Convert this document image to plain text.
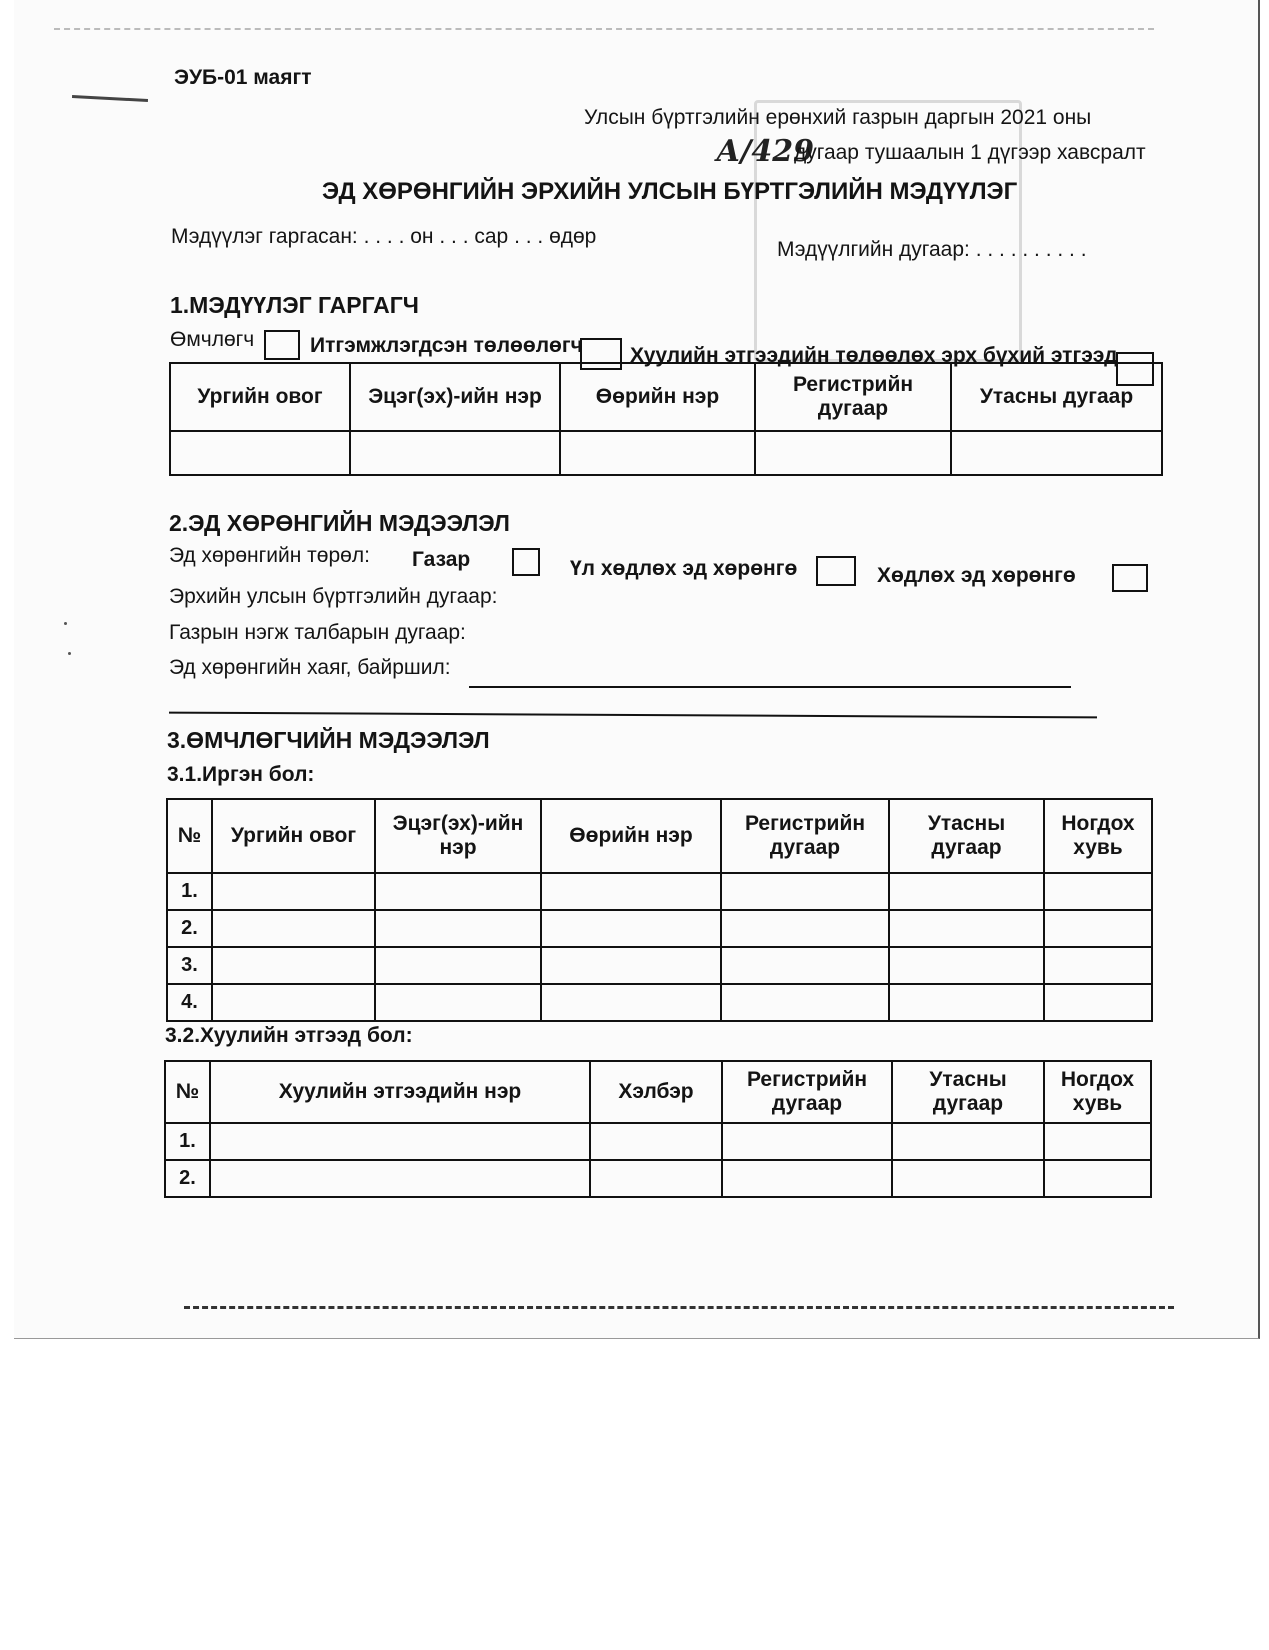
ЭУБ-01 маягт
Улсын бүртгэлийн ерөнхий газрын даргын 2021 оны
А/429
дугаар тушаалын 1 дүгээр хавсралт
ЭД ХӨРӨНГИЙН ЭРХИЙН УЛСЫН БҮРТГЭЛИЙН МЭДҮҮЛЭГ
Мэдүүлэг гаргасан: . . . . он . . . сар . . . өдөр
Мэдүүлгийн дугаар: . . . . . . . . . .
1.МЭДҮҮЛЭГ ГАРГАГЧ
Өмчлөгч	Итгэмжлэгдсэн төлөөлөгч Хуулийн этгээдийн төлөөлөх эрх бүхий этгээд
Ургийн овог	Эцэг(эх)-ийн нэр	Өөрийн нэр	Регистрийн дугаар	Утасны дугаар

2.ЭД ХӨРӨНГИЙН МЭДЭЭЛЭЛ
Эд хөрөнгийн төрөл: Газар	Үл хөдлөх эд хөрөнгө	Хөдлөх эд хөрөнгө
Эрхийн улсын бүртгэлийн дугаар:
Газрын нэгж талбарын дугаар:
Эд хөрөнгийн хаяг, байршил:
3.ӨМЧЛӨГЧИЙН МЭДЭЭЛЭЛ
3.1.Иргэн бол:
№	Ургийн овог	Эцэг(эх)-ийн нэр	Өөрийн нэр	Регистрийн дугаар	Утасны дугаар	Ногдох хувь
1.						
2.						
3.						
4.						
3.2.Хуулийн этгээд бол:
№	Хуулийн этгээдийн нэр	Хэлбэр	Регистрийн дугаар	Утасны дугаар	Ногдох хувь
1.					
2.					
